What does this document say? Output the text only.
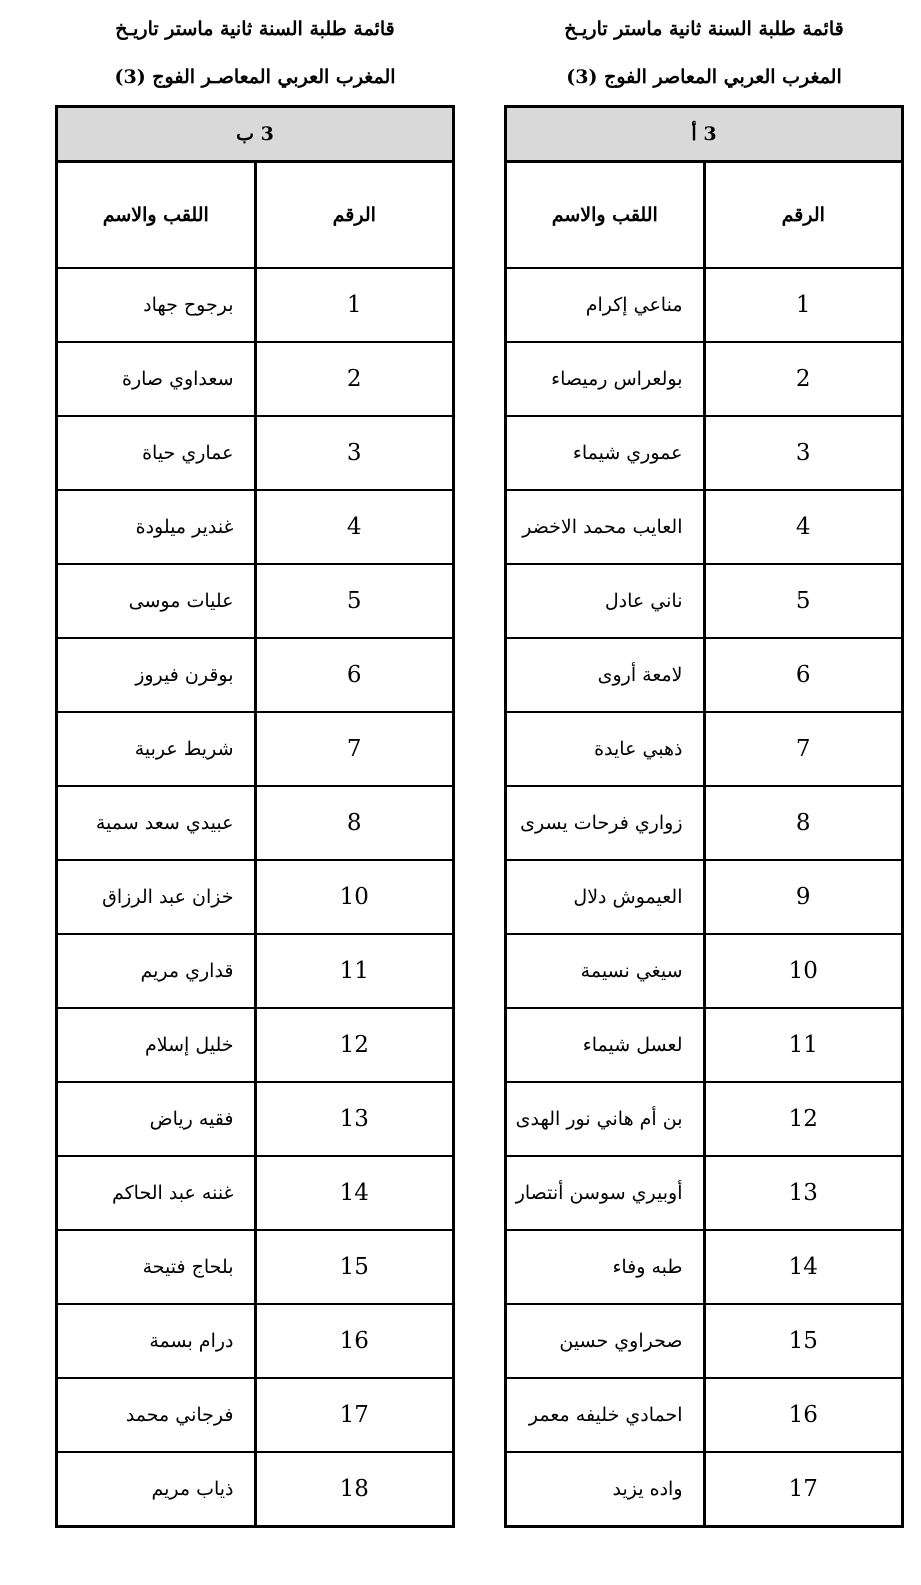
قائمة طلبة السنة ثانية ماستر تاريـخ
المغرب العربي المعاصر الفوج (3)
3 أ	
الرقم	اللقب والاسم
1	مناعي إكرام
2	بولعراس رميصاء
3	عموري شيماء
4	العايب محمد الاخضر
5	ناني عادل
6	لامعة أروى
7	ذهبي عايدة
8	زواري فرحات يسرى
9	العيموش دلال
10	سيغي نسيمة
11	لعسل شيماء
12	بن أم هاني نور الهدى
13	أوبيري سوسن أنتصار
14	طبه وفاء
15	صحراوي حسين
16	احمادي خليفه معمر
17	واده يزيد
قائمة طلبة السنة ثانية ماستر تاريـخ
المغرب العربي المعاصـر الفوج (3)
3 ب	
الرقم	اللقب والاسم
1	برجوح جهاد
2	سعداوي صارة
3	عماري حياة
4	غندير ميلودة
5	عليات موسى
6	بوقرن فيروز
7	شريط عربية
8	عبيدي سعد سمية
10	خزان عبد الرزاق
11	قداري مريم
12	خليل إسلام
13	فقيه رياض
14	غننه عبد الحاكم
15	بلحاج فتيحة
16	درام بسمة
17	فرجاني محمد
18	ذياب مريم
